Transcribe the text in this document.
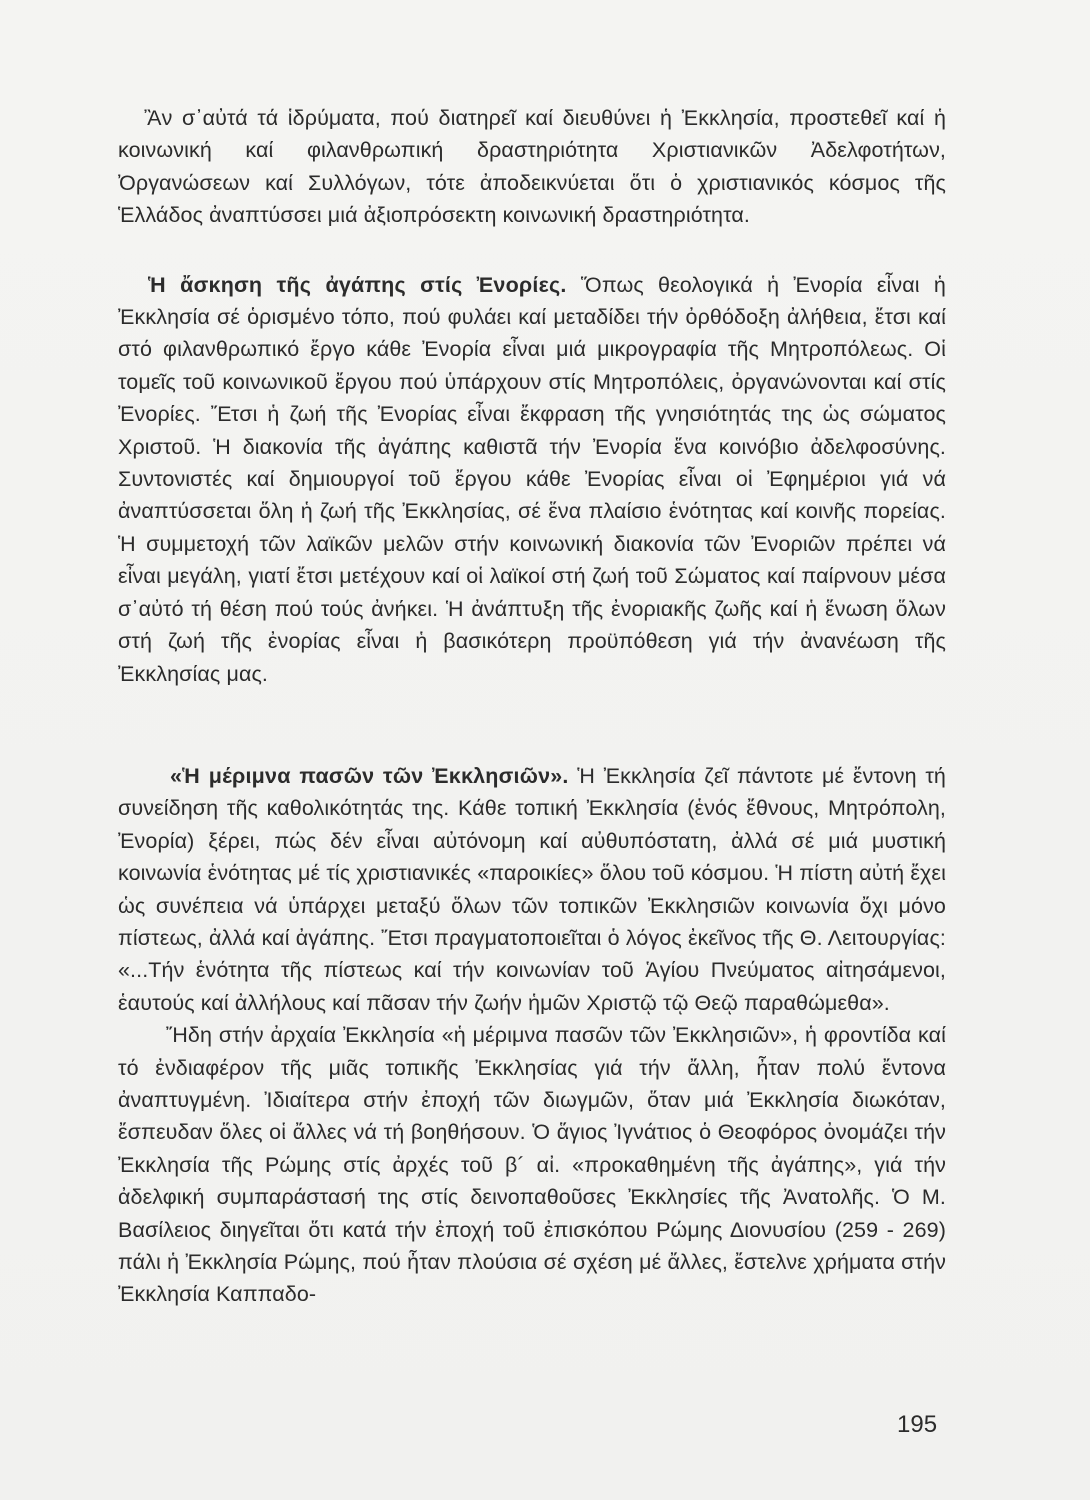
Ἂν σ᾿αὐτά τά ἱδρύματα, πού διατηρεῖ καί διευθύνει ἡ Ἐκκλησία, προστεθεῖ καί ἡ κοινωνική καί φιλανθρωπική δραστηριότητα Χριστιανικῶν Ἀδελφοτήτων, Ὀργανώσεων καί Συλλόγων, τότε ἀποδεικνύεται ὅτι ὁ χριστιανικός κόσμος τῆς Ἑλλάδος ἀναπτύσσει μιά ἀξιοπρόσεκτη κοινωνική δραστηριότητα.

Ἡ ἄσκηση τῆς ἀγάπης στίς Ἐνορίες. Ὅπως θεολογικά ἡ Ἐνορία εἶναι ἡ Ἐκκλησία σέ ὁρισμένο τόπο, πού φυλάει καί μεταδίδει τήν ὀρθόδοξη ἀλήθεια, ἔτσι καί στό φιλανθρωπικό ἔργο κάθε Ἐνορία εἶναι μιά μικρογραφία τῆς Μητροπόλεως. Οἱ τομεῖς τοῦ κοινωνικοῦ ἔργου πού ὑπάρχουν στίς Μητροπόλεις, ὀργανώνονται καί στίς Ἐνορίες. Ἔτσι ἡ ζωή τῆς Ἐνορίας εἶναι ἔκφραση τῆς γνησιότητάς της ὡς σώματος Χριστοῦ. Ἡ διακονία τῆς ἀγάπης καθιστᾶ τήν Ἐνορία ἕνα κοινόβιο ἀδελφοσύνης. Συντονιστές καί δημιουργοί τοῦ ἔργου κάθε Ἐνορίας εἶναι οἱ Ἐφημέριοι γιά νά ἀναπτύσσεται ὅλη ἡ ζωή τῆς Ἐκκλησίας, σέ ἕνα πλαίσιο ἑνότητας καί κοινῆς πορείας. Ἡ συμμετοχή τῶν λαϊκῶν μελῶν στήν κοινωνική διακονία τῶν Ἐνοριῶν πρέπει νά εἶναι μεγάλη, γιατί ἔτσι μετέχουν καί οἱ λαϊκοί στή ζωή τοῦ Σώματος καί παίρνουν μέσα σ᾿αὐτό τή θέση πού τούς ἀνήκει. Ἡ ἀνάπτυξη τῆς ἐνοριακῆς ζωῆς καί ἡ ἕνωση ὅλων στή ζωή τῆς ἐνορίας εἶναι ἡ βασικότερη προϋπόθεση γιά τήν ἀνανέωση τῆς Ἐκκλησίας μας.

«Ἡ μέριμνα πασῶν τῶν Ἐκκλησιῶν». Ἡ Ἐκκλησία ζεῖ πάντοτε μέ ἔντονη τή συνείδηση τῆς καθολικότητάς της. Κάθε τοπική Ἐκκλησία (ἑνός ἔθνους, Μητρόπολη, Ἐνορία) ξέρει, πώς δέν εἶναι αὐτόνομη καί αὐθυπόστατη, ἀλλά σέ μιά μυστική κοινωνία ἑνότητας μέ τίς χριστιανικές «παροικίες» ὅλου τοῦ κόσμου. Ἡ πίστη αὐτή ἔχει ὡς συνέπεια νά ὑπάρχει μεταξύ ὅλων τῶν τοπικῶν Ἐκκλησιῶν κοινωνία ὄχι μόνο πίστεως, ἀλλά καί ἀγάπης. Ἔτσι πραγματοποιεῖται ὁ λόγος ἐκεῖνος τῆς Θ. Λειτουργίας: «...Τήν ἑνότητα τῆς πίστεως καί τήν κοινωνίαν τοῦ Ἁγίου Πνεύματος αἰτησάμενοι, ἑαυτούς καί ἀλλήλους καί πᾶσαν τήν ζωήν ἡμῶν Χριστῷ τῷ Θεῷ παραθώμεθα».

Ἤδη στήν ἀρχαία Ἐκκλησία «ἡ μέριμνα πασῶν τῶν Ἐκκλησιῶν», ἡ φροντίδα καί τό ἐνδιαφέρον τῆς μιᾶς τοπικῆς Ἐκκλησίας γιά τήν ἄλλη, ἦταν πολύ ἔντονα ἀναπτυγμένη. Ἰδιαίτερα στήν ἐποχή τῶν διωγμῶν, ὅταν μιά Ἐκκλησία διωκόταν, ἔσπευδαν ὅλες οἱ ἄλλες νά τή βοηθήσουν. Ὁ ἅγιος Ἰγνάτιος ὁ Θεοφόρος ὀνομάζει τήν Ἐκκλησία τῆς Ρώμης στίς ἀρχές τοῦ β´ αἰ. «προκαθημένη τῆς ἀγάπης», γιά τήν ἀδελφική συμπαράστασή της στίς δεινοπαθοῦσες Ἐκκλησίες τῆς Ἀνατολῆς. Ὁ Μ. Βασίλειος διηγεῖται ὅτι κατά τήν ἐποχή τοῦ ἐπισκόπου Ρώμης Διονυσίου (259 - 269) πάλι ἡ Ἐκκλησία Ρώμης, πού ἦταν πλούσια σέ σχέση μέ ἄλλες, ἔστελνε χρήματα στήν Ἐκκλησία Καππαδο-

195
